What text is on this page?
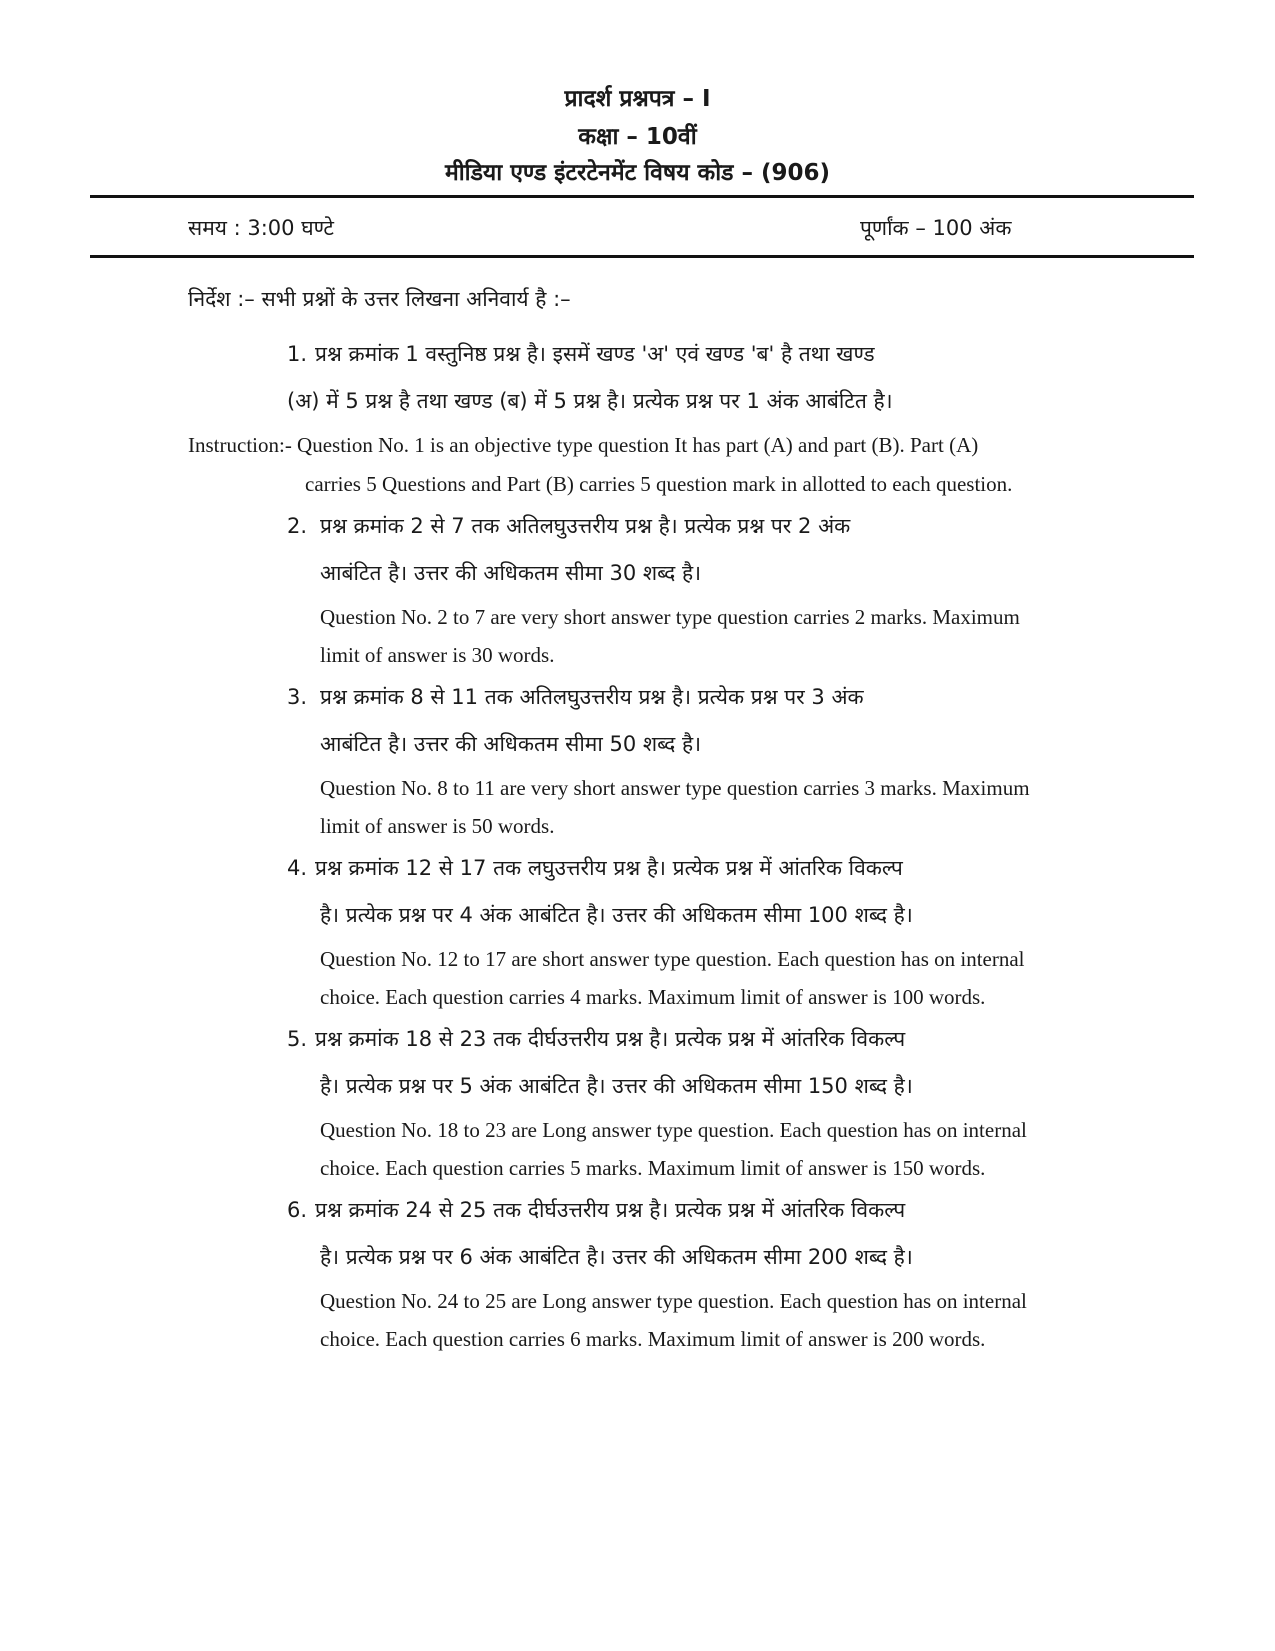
प्रादर्श प्रश्नपत्र – I
कक्षा – 10वीं
मीडिया एण्ड इंटरटेनमेंट विषय कोड – (906)
समय : 3:00 घण्टे	पूर्णांक – 100 अंक
निर्देश :– सभी प्रश्नों के उत्तर लिखना अनिवार्य है :–
1. प्रश्न क्रमांक 1 वस्तुनिष्ठ प्रश्न है। इसमें खण्ड 'अ' एवं खण्ड 'ब' है तथा खण्ड
(अ) में 5 प्रश्न है तथा खण्ड (ब) में 5 प्रश्न है। प्रत्येक प्रश्न पर 1 अंक आबंटित है।
Instruction:- Question No. 1 is an objective type question It has part (A) and part (B). Part (A)
carries 5 Questions and Part (B) carries 5 question mark in allotted to each question.
2. प्रश्न क्रमांक 2 से 7 तक अतिलघुउत्तरीय प्रश्न है। प्रत्येक प्रश्न पर 2 अंक
आबंटित है। उत्तर की अधिकतम सीमा 30 शब्द है।
Question No. 2 to 7 are very short answer type question carries 2 marks. Maximum
limit of answer is 30 words.
3. प्रश्न क्रमांक 8 से 11 तक अतिलघुउत्तरीय प्रश्न है। प्रत्येक प्रश्न पर 3 अंक
आबंटित है। उत्तर की अधिकतम सीमा 50 शब्द है।
Question No. 8 to 11 are very short answer type question carries 3 marks. Maximum
limit of answer is 50 words.
4. प्रश्न क्रमांक 12 से 17 तक लघुउत्तरीय प्रश्न है। प्रत्येक प्रश्न में आंतरिक विकल्प
है। प्रत्येक प्रश्न पर 4 अंक आबंटित है। उत्तर की अधिकतम सीमा 100 शब्द है।
Question No. 12 to 17 are short answer type question. Each question has on internal
choice. Each question carries 4 marks. Maximum limit of answer is 100 words.
5. प्रश्न क्रमांक 18 से 23 तक दीर्घउत्तरीय प्रश्न है। प्रत्येक प्रश्न में आंतरिक विकल्प
है। प्रत्येक प्रश्न पर 5 अंक आबंटित है। उत्तर की अधिकतम सीमा 150 शब्द है।
Question No. 18 to 23 are Long answer type question. Each question has on internal
choice. Each question carries 5 marks. Maximum limit of answer is 150 words.
6. प्रश्न क्रमांक 24 से 25 तक दीर्घउत्तरीय प्रश्न है। प्रत्येक प्रश्न में आंतरिक विकल्प
है। प्रत्येक प्रश्न पर 6 अंक आबंटित है। उत्तर की अधिकतम सीमा 200 शब्द है।
Question No. 24 to 25 are Long answer type question. Each question has on internal
choice. Each question carries 6 marks. Maximum limit of answer is 200 words.
